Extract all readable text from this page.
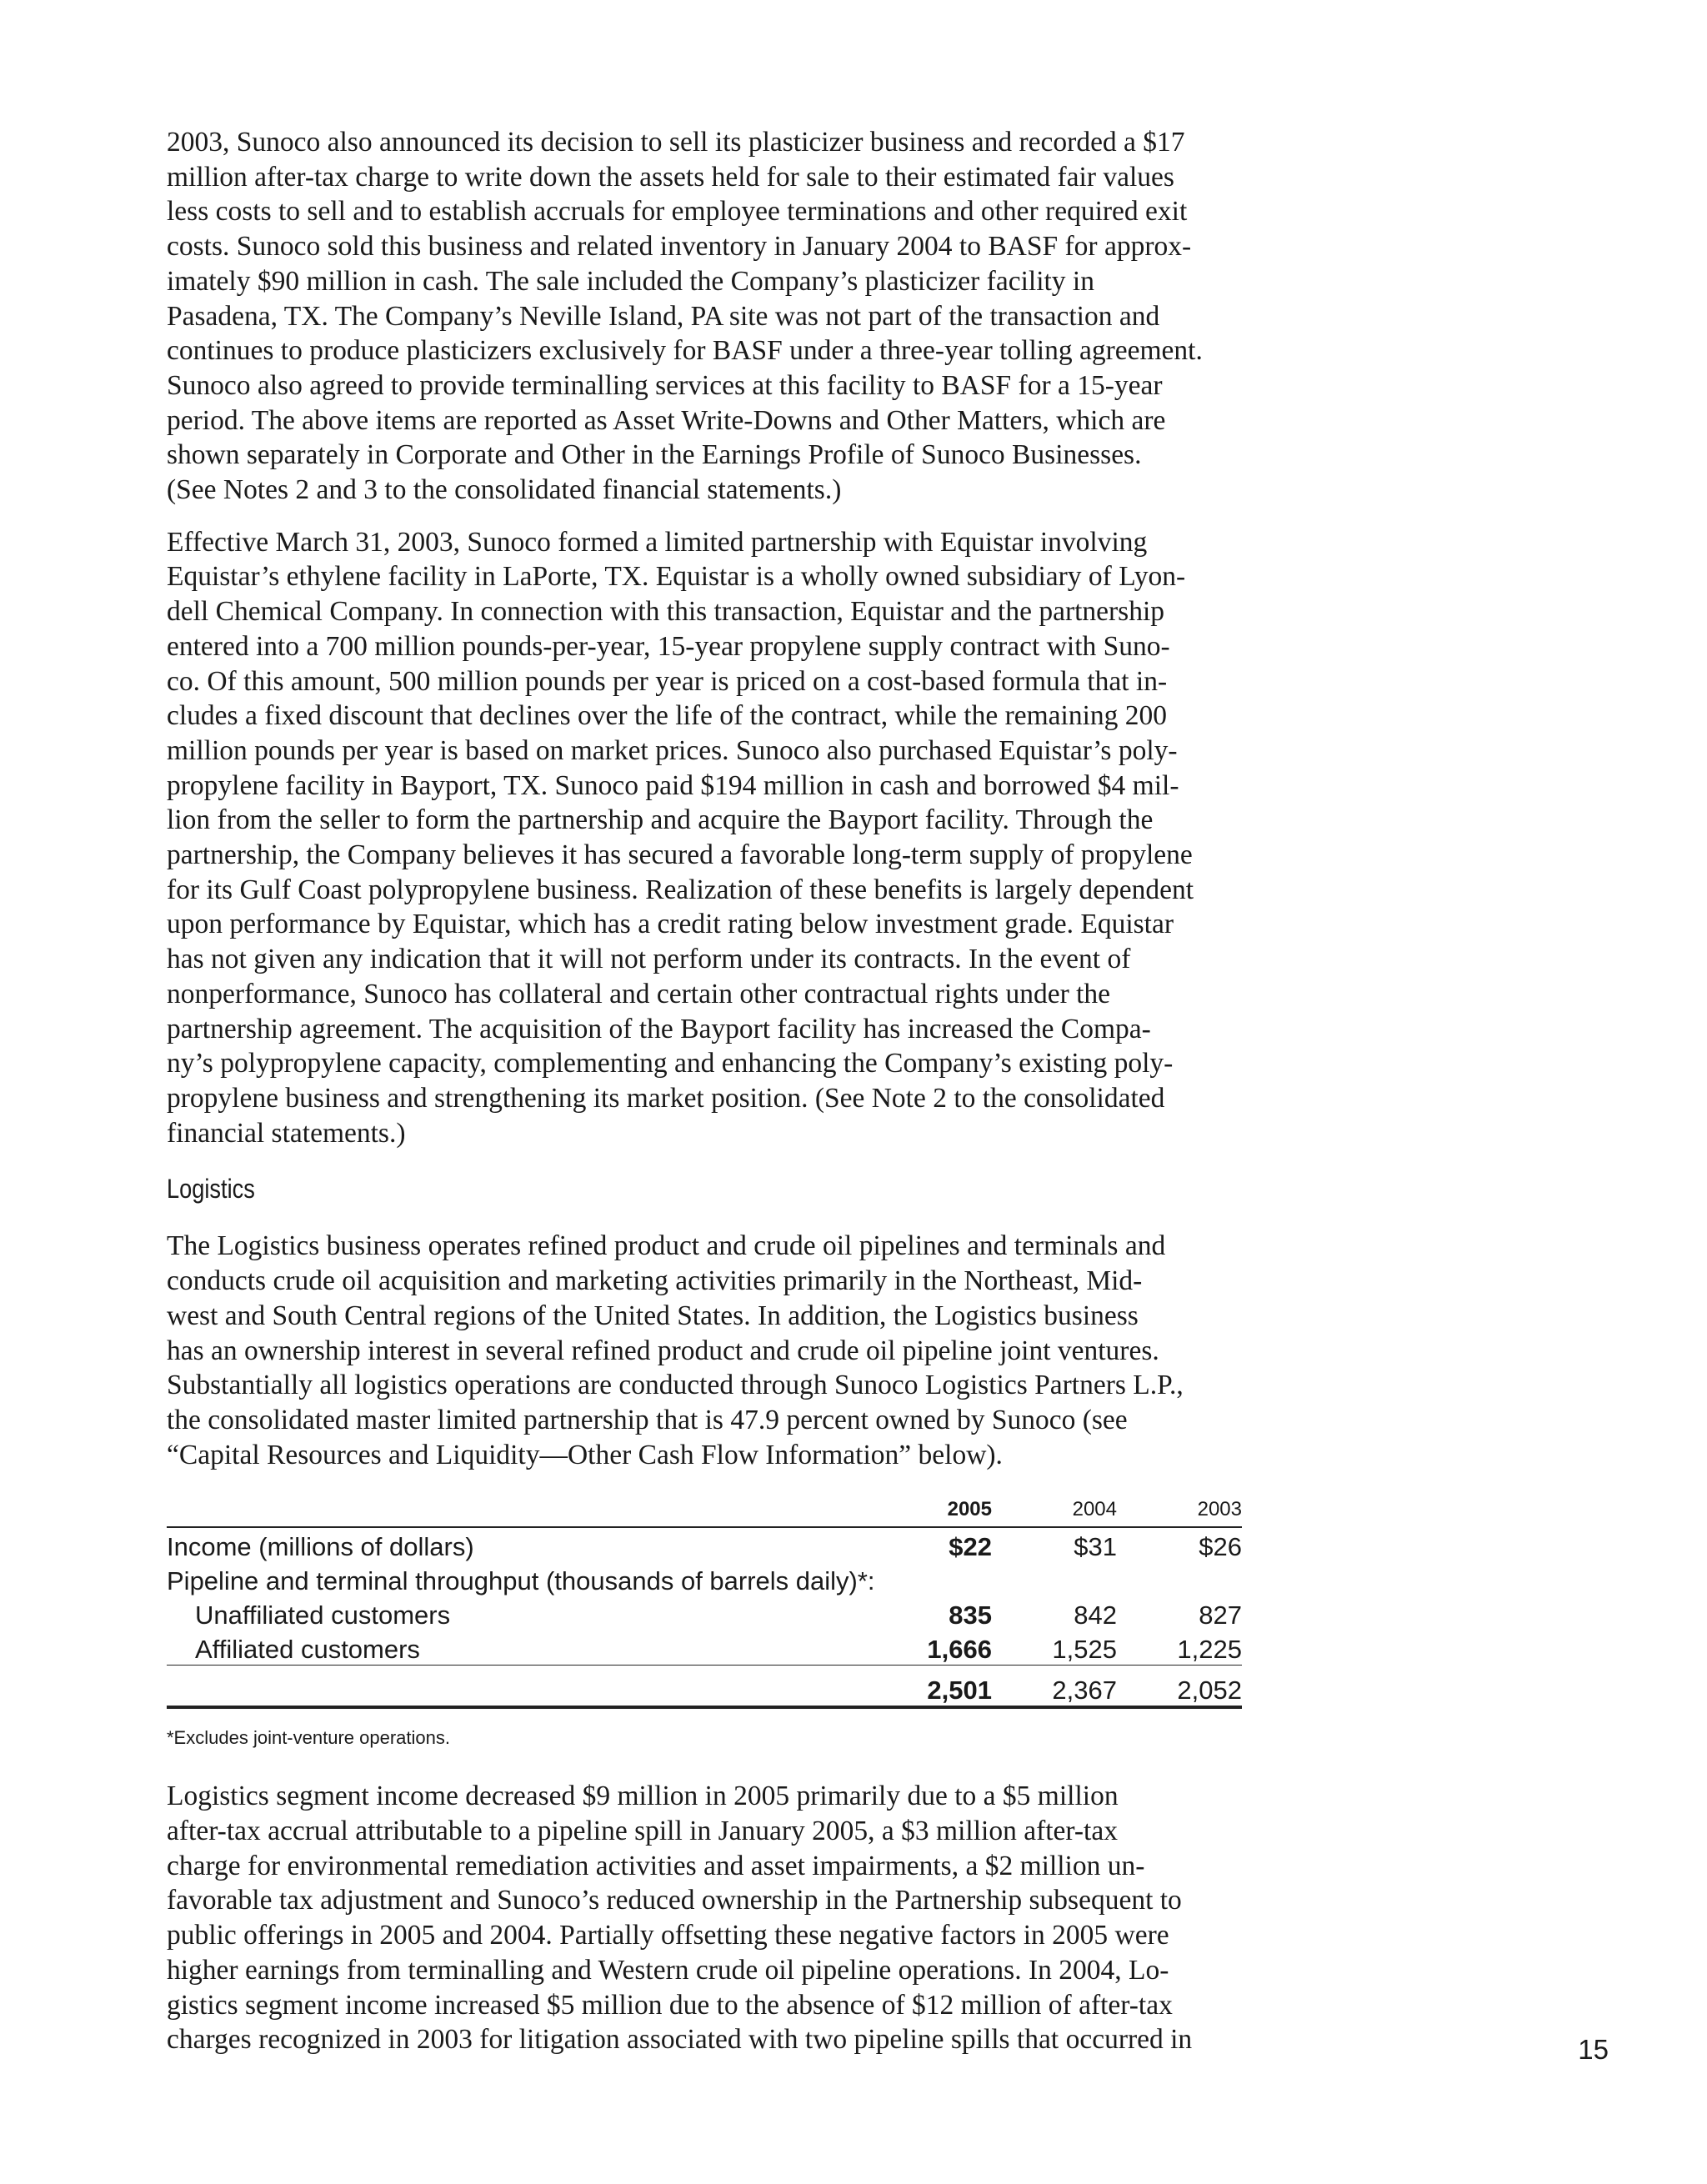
2003, Sunoco also announced its decision to sell its plasticizer business and recorded a $17
million after-tax charge to write down the assets held for sale to their estimated fair values
less costs to sell and to establish accruals for employee terminations and other required exit
costs. Sunoco sold this business and related inventory in January 2004 to BASF for approx-
imately $90 million in cash. The sale included the Company’s plasticizer facility in
Pasadena, TX. The Company’s Neville Island, PA site was not part of the transaction and
continues to produce plasticizers exclusively for BASF under a three-year tolling agreement.
Sunoco also agreed to provide terminalling services at this facility to BASF for a 15-year
period. The above items are reported as Asset Write-Downs and Other Matters, which are
shown separately in Corporate and Other in the Earnings Profile of Sunoco Businesses.
(See Notes 2 and 3 to the consolidated financial statements.)

Effective March 31, 2003, Sunoco formed a limited partnership with Equistar involving
Equistar’s ethylene facility in LaPorte, TX. Equistar is a wholly owned subsidiary of Lyon-
dell Chemical Company. In connection with this transaction, Equistar and the partnership
entered into a 700 million pounds-per-year, 15-year propylene supply contract with Suno-
co. Of this amount, 500 million pounds per year is priced on a cost-based formula that in-
cludes a fixed discount that declines over the life of the contract, while the remaining 200
million pounds per year is based on market prices. Sunoco also purchased Equistar’s poly-
propylene facility in Bayport, TX. Sunoco paid $194 million in cash and borrowed $4 mil-
lion from the seller to form the partnership and acquire the Bayport facility. Through the
partnership, the Company believes it has secured a favorable long-term supply of propylene
for its Gulf Coast polypropylene business. Realization of these benefits is largely dependent
upon performance by Equistar, which has a credit rating below investment grade. Equistar
has not given any indication that it will not perform under its contracts. In the event of
nonperformance, Sunoco has collateral and certain other contractual rights under the
partnership agreement. The acquisition of the Bayport facility has increased the Compa-
ny’s polypropylene capacity, complementing and enhancing the Company’s existing poly-
propylene business and strengthening its market position. (See Note 2 to the consolidated
financial statements.)

Logistics

The Logistics business operates refined product and crude oil pipelines and terminals and
conducts crude oil acquisition and marketing activities primarily in the Northeast, Mid-
west and South Central regions of the United States. In addition, the Logistics business
has an ownership interest in several refined product and crude oil pipeline joint ventures.
Substantially all logistics operations are conducted through Sunoco Logistics Partners L.P.,
the consolidated master limited partnership that is 47.9 percent owned by Sunoco (see
“Capital Resources and Liquidity—Other Cash Flow Information” below).

	2005	2004	2003
Income (millions of dollars)	$22	$31	$26
Pipeline and terminal throughput (thousands of barrels daily)*:			
Unaffiliated customers	835	842	827
Affiliated customers	1,666	1,525	1,225
	2,501	2,367	2,052
*Excludes joint-venture operations.

Logistics segment income decreased $9 million in 2005 primarily due to a $5 million
after-tax accrual attributable to a pipeline spill in January 2005, a $3 million after-tax
charge for environmental remediation activities and asset impairments, a $2 million un-
favorable tax adjustment and Sunoco’s reduced ownership in the Partnership subsequent to
public offerings in 2005 and 2004. Partially offsetting these negative factors in 2005 were
higher earnings from terminalling and Western crude oil pipeline operations. In 2004, Lo-
gistics segment income increased $5 million due to the absence of $12 million of after-tax
charges recognized in 2003 for litigation associated with two pipeline spills that occurred in	15
